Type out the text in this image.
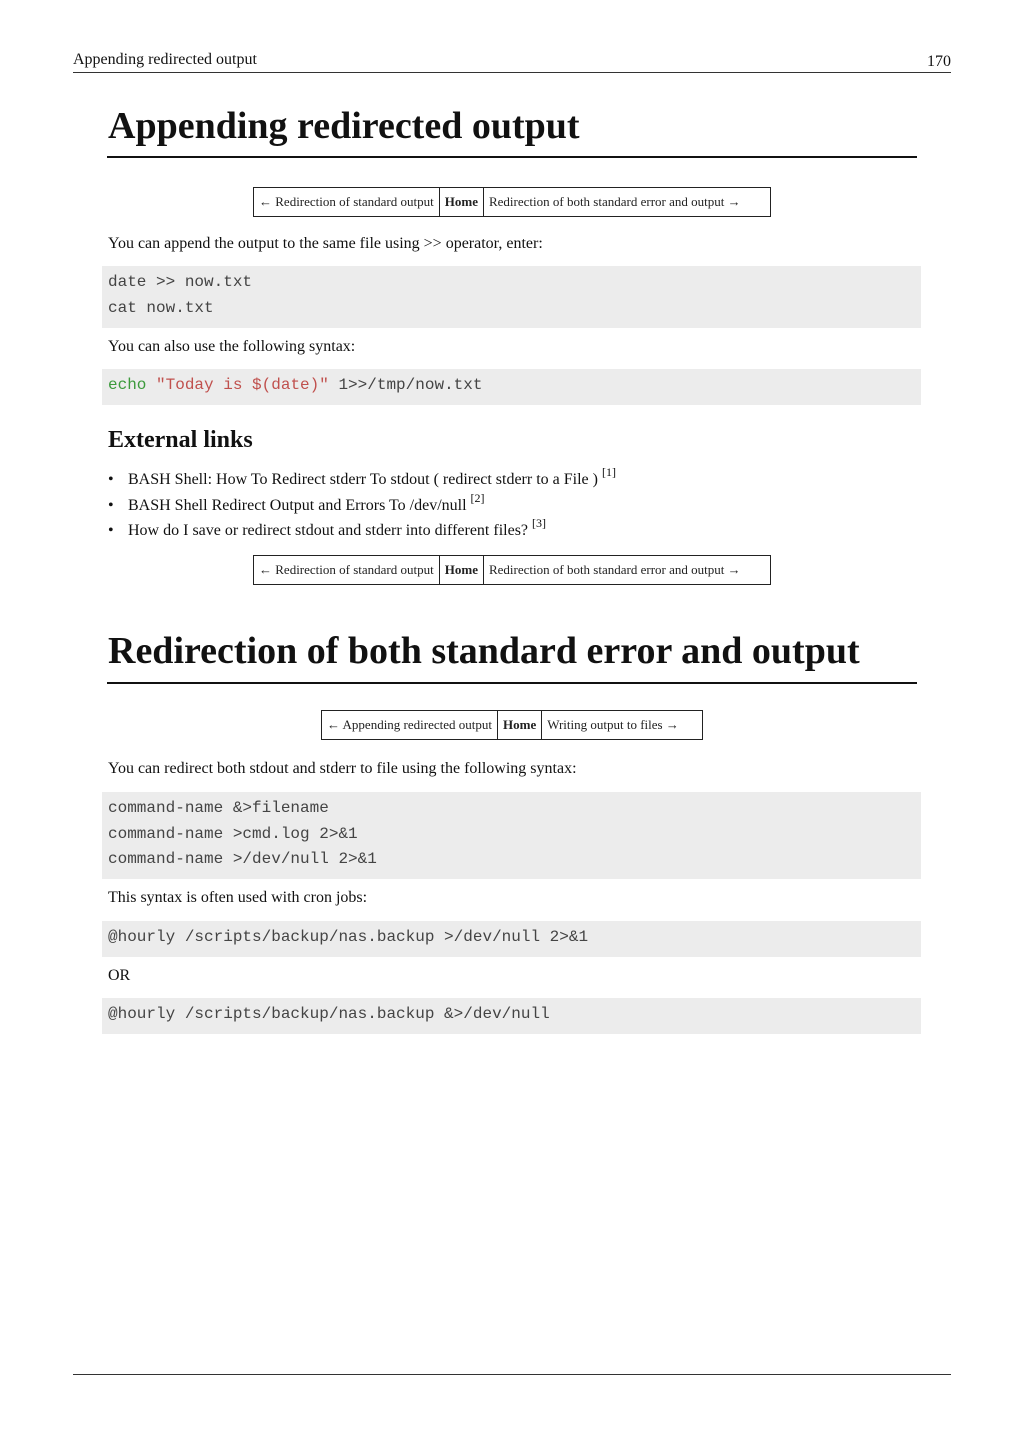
Appending redirected output	170
Appending redirected output
← Redirection of standard output Home Redirection of both standard error and output →

You can append the output to the same file using >> operator, enter:

date >> now.txt
cat now.txt

You can also use the following syntax:

echo "Today is $(date)" 1>>/tmp/now.txt
External links
• BASH Shell: How To Redirect stderr To stdout ( redirect stderr to a File ) [1]
• BASH Shell Redirect Output and Errors To /dev/null [2]
• How do I save or redirect stdout and stderr into different files? [3]
← Redirection of standard output Home Redirection of both standard error and output →
Redirection of both standard error and output
← Appending redirected output Home Writing output to files →

You can redirect both stdout and stderr to file using the following syntax:

command-name &>filename
command-name >cmd.log 2>&1
command-name >/dev/null 2>&1

This syntax is often used with cron jobs:

@hourly /scripts/backup/nas.backup >/dev/null 2>&1

OR

@hourly /scripts/backup/nas.backup &>/dev/null
